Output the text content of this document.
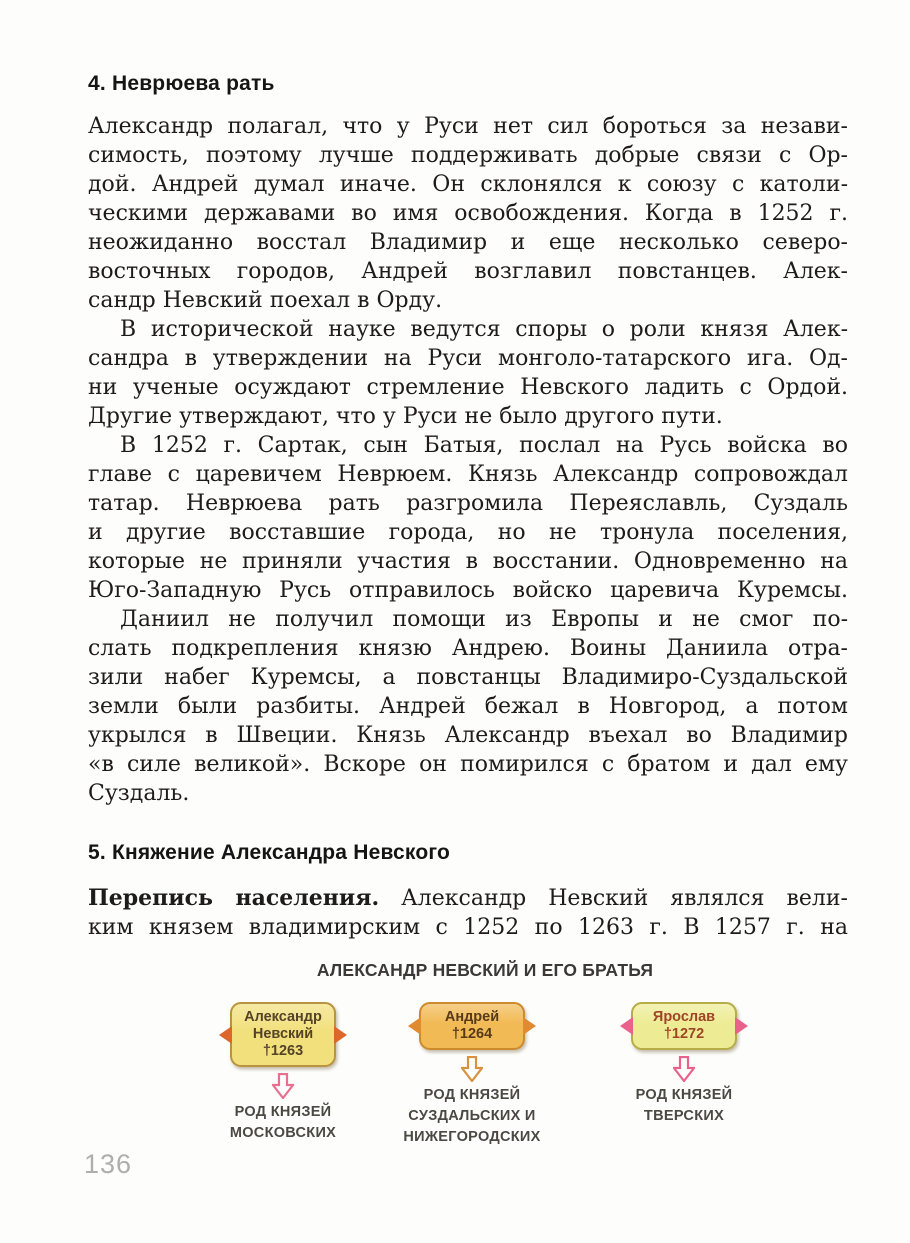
4. Неврюева рать
Александр полагал, что у Руси нет сил бороться за незави-
симость, поэтому лучше поддерживать добрые связи с Ор-
дой. Андрей думал иначе. Он склонялся к союзу с католи-
ческими державами во имя освобождения. Когда в 1252 г.
неожиданно восстал Владимир и еще несколько северо-
восточных городов, Андрей возглавил повстанцев. Алек-
сандр Невский поехал в Орду.
В исторической науке ведутся споры о роли князя Алек-
сандра в утверждении на Руси монголо-татарского ига. Од-
ни ученые осуждают стремление Невского ладить с Ордой.
Другие утверждают, что у Руси не было другого пути.
В 1252 г. Сартак, сын Батыя, послал на Русь войска во
главе с царевичем Неврюем. Князь Александр сопровождал
татар. Неврюева рать разгромила Переяславль, Суздаль
и другие восставшие города, но не тронула поселения,
которые не приняли участия в восстании. Одновременно на
Юго-Западную Русь отправилось войско царевича Куремсы.
Даниил не получил помощи из Европы и не смог по-
слать подкрепления князю Андрею. Воины Даниила отра-
зили набег Куремсы, а повстанцы Владимиро-Суздальской
земли были разбиты. Андрей бежал в Новгород, а потом
укрылся в Швеции. Князь Александр въехал во Владимир
«в силе великой». Вскоре он помирился с братом и дал ему
Суздаль.
5. Княжение Александра Невского
Перепись населения. Александр Невский являлся вели-
ким князем владимирским с 1252 по 1263 г. В 1257 г. на
АЛЕКСАНДР НЕВСКИЙ И ЕГО БРАТЬЯ
Александр
Невский
†1263
РОД КНЯЗЕЙ
МОСКОВСКИХ
Андрей
†1264
РОД КНЯЗЕЙ
СУЗДАЛЬСКИХ И
НИЖЕГОРОДСКИХ
Ярослав
†1272
РОД КНЯЗЕЙ
ТВЕРСКИХ
136
